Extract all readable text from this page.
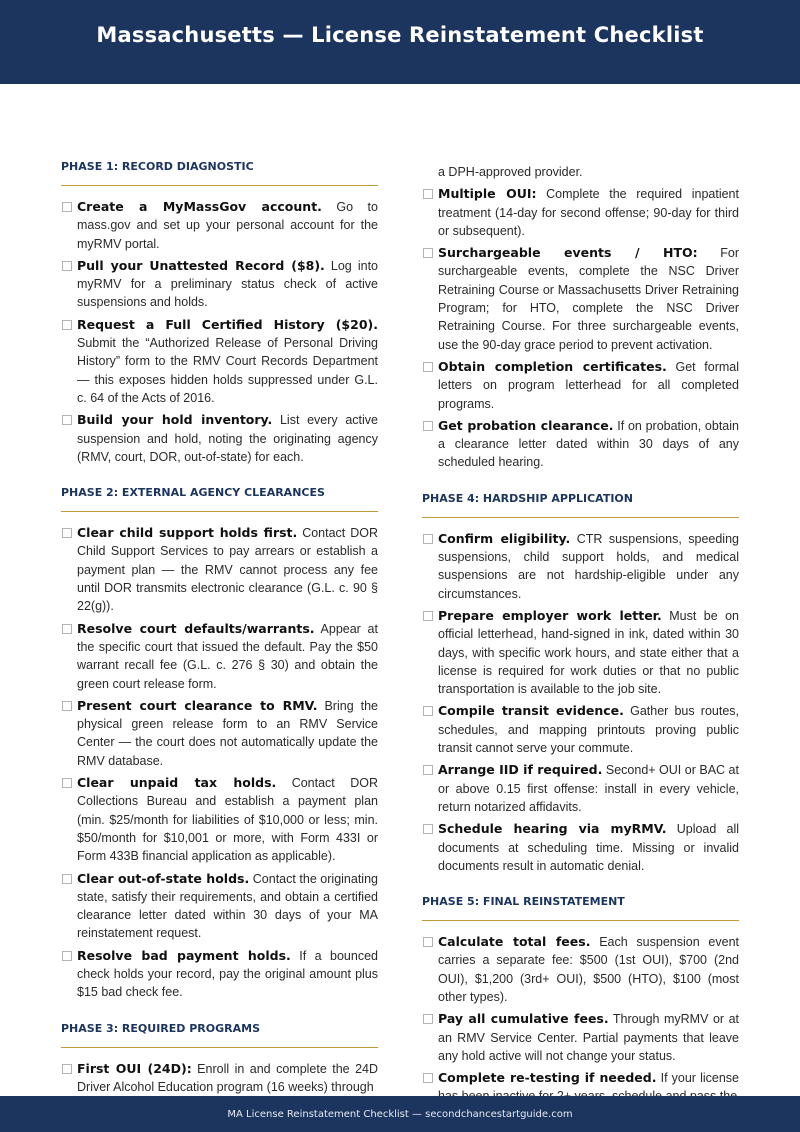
Massachusetts — License Reinstatement Checklist
PHASE 1: RECORD DIAGNOSTIC
Create a MyMassGov account. Go to mass.gov and set up your personal account for the myRMV portal.
Pull your Unattested Record ($8). Log into myRMV for a preliminary status check of active suspensions and holds.
Request a Full Certified History ($20). Submit the “Authorized Release of Personal Driving History” form to the RMV Court Records Department — this exposes hidden holds suppressed under G.L. c. 64 of the Acts of 2016.
Build your hold inventory. List every active suspension and hold, noting the originating agency (RMV, court, DOR, out-of-state) for each.
PHASE 2: EXTERNAL AGENCY CLEARANCES
Clear child support holds first. Contact DOR Child Support Services to pay arrears or establish a payment plan — the RMV cannot process any fee until DOR transmits electronic clearance (G.L. c. 90 § 22(g)).
Resolve court defaults/warrants. Appear at the specific court that issued the default. Pay the $50 warrant recall fee (G.L. c. 276 § 30) and obtain the green court release form.
Present court clearance to RMV. Bring the physical green release form to an RMV Service Center — the court does not automatically update the RMV database.
Clear unpaid tax holds. Contact DOR Collections Bureau and establish a payment plan (min. $25/month for liabilities of $10,000 or less; min. $50/month for $10,001 or more, with Form 433I or Form 433B financial application as applicable).
Clear out-of-state holds. Contact the originating state, satisfy their requirements, and obtain a certified clearance letter dated within 30 days of your MA reinstatement request.
Resolve bad payment holds. If a bounced check holds your record, pay the original amount plus $15 bad check fee.
PHASE 3: REQUIRED PROGRAMS
First OUI (24D): Enroll in and complete the 24D Driver Alcohol Education program (16 weeks) through

a DPH-approved provider.

Multiple OUI: Complete the required inpatient treatment (14-day for second offense; 90-day for third or subsequent).
Surchargeable events / HTO: For surchargeable events, complete the NSC Driver Retraining Course or Massachusetts Driver Retraining Program; for HTO, complete the NSC Driver Retraining Course. For three surchargeable events, use the 90-day grace period to prevent activation.
Obtain completion certificates. Get formal letters on program letterhead for all completed programs.
Get probation clearance. If on probation, obtain a clearance letter dated within 30 days of any scheduled hearing.
PHASE 4: HARDSHIP APPLICATION
Confirm eligibility. CTR suspensions, speeding suspensions, child support holds, and medical suspensions are not hardship-eligible under any circumstances.
Prepare employer work letter. Must be on official letterhead, hand-signed in ink, dated within 30 days, with specific work hours, and state either that a license is required for work duties or that no public transportation is available to the job site.
Compile transit evidence. Gather bus routes, schedules, and mapping printouts proving public transit cannot serve your commute.
Arrange IID if required. Second+ OUI or BAC at or above 0.15 first offense: install in every vehicle, return notarized affidavits.
Schedule hearing via myRMV. Upload all documents at scheduling time. Missing or invalid documents result in automatic denial.
PHASE 5: FINAL REINSTATEMENT
Calculate total fees. Each suspension event carries a separate fee: $500 (1st OUI), $700 (2nd OUI), $1,200 (3rd+ OUI), $500 (HTO), $100 (most other types).
Pay all cumulative fees. Through myRMV or at an RMV Service Center. Partial payments that leave any hold active will not change your status.
Complete re-testing if needed. If your license
MA License Reinstatement Checklist — secondchancestartguide.com
